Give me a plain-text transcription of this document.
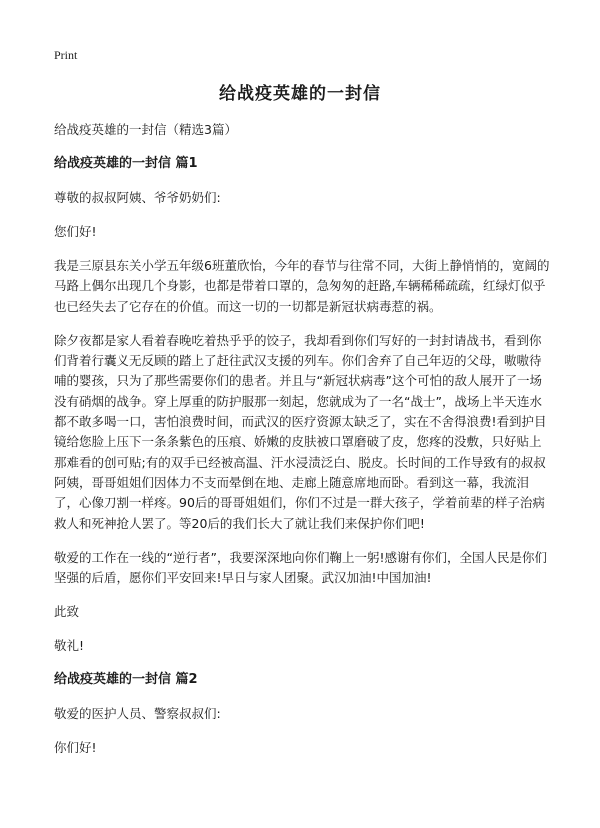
Print
给战疫英雄的一封信

给战疫英雄的一封信（精选3篇）

给战疫英雄的一封信 篇1

尊敬的叔叔阿姨、爷爷奶奶们:

您们好!

我是三原县东关小学五年级6班董欣怡，今年的春节与往常不同，大街上静悄悄的，宽阔的马路上偶尔出现几个身影，也都是带着口罩的，急匆匆的赶路,车辆稀稀疏疏，红绿灯似乎也已经失去了它存在的价值。而这一切的一切都是新冠状病毒惹的祸。

除夕夜都是家人看着春晚吃着热乎乎的饺子，我却看到你们写好的一封封请战书，看到你们背着行囊义无反顾的踏上了赶往武汉支援的列车。你们舍弃了自己年迈的父母，嗷嗷待哺的婴孩，只为了那些需要你们的患者。并且与“新冠状病毒”这个可怕的敌人展开了一场没有硝烟的战争。穿上厚重的防护服那一刻起，您就成为了一名“战士”，战场上半天连水都不敢多喝一口，害怕浪费时间，而武汉的医疗资源太缺乏了，实在不舍得浪费!看到护目镜给您脸上压下一条条紫色的压痕、娇嫩的皮肤被口罩磨破了皮，您疼的没敷，只好贴上那难看的创可贴;有的双手已经被高温、汗水浸渍泛白、脱皮。长时间的工作导致有的叔叔阿姨，哥哥姐姐们因体力不支而晕倒在地、走廊上随意席地而卧。看到这一幕，我流泪了，心像刀割一样疼。90后的哥哥姐姐们，你们不过是一群大孩子，学着前辈的样子治病救人和死神抢人罢了。等20后的我们长大了就让我们来保护你们吧!

敬爱的工作在一线的“逆行者”，我要深深地向你们鞠上一躬!感谢有你们，全国人民是你们坚强的后盾，愿你们平安回来!早日与家人团聚。武汉加油!中国加油!

此致

敬礼!

给战疫英雄的一封信 篇2

敬爱的医护人员、警察叔叔们:

你们好!
